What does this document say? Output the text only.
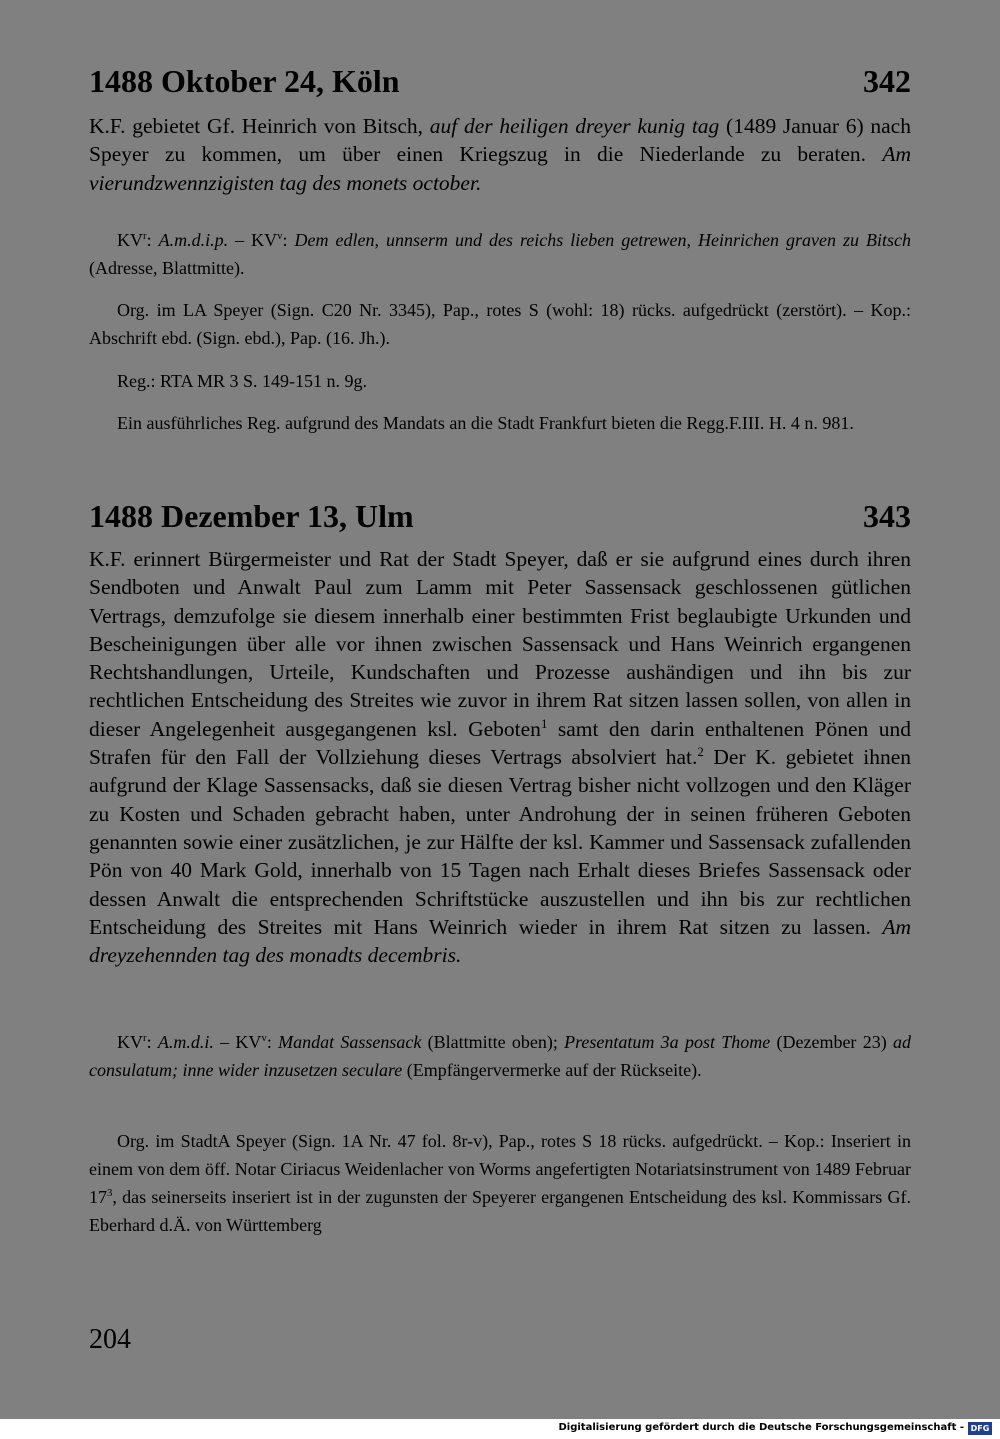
1488 Oktober 24, Köln	342

K.F. gebietet Gf. Heinrich von Bitsch, auf der heiligen dreyer kunig tag (1489 Januar 6) nach Speyer zu kommen, um über einen Kriegszug in die Niederlande zu beraten. Am vierundzwennzigisten tag des monets october.

$KV^r$: A.m.d.i.p. – $KV^v$: Dem edlen, unnserm und des reichs lieben getrewen, Heinrichen graven zu Bitsch (Adresse, Blattmitte).

Org. im LA Speyer (Sign. C20 Nr. 3345), Pap., rotes S (wohl: 18) rücks. aufgedrückt (zerstört). – Kop.: Abschrift ebd. (Sign. ebd.), Pap. (16. Jh.).

Reg.: RTA MR 3 S. 149-151 n. 9g.

Ein ausführliches Reg. aufgrund des Mandats an die Stadt Frankfurt bieten die Regg.F.III. H. 4 n. 981.

1488 Dezember 13, Ulm	343

K.F. erinnert Bürgermeister und Rat der Stadt Speyer, daß er sie aufgrund eines durch ihren Sendboten und Anwalt Paul zum Lamm mit Peter Sassensack geschlossenen gütlichen Vertrags, demzufolge sie diesem innerhalb einer bestimmten Frist beglaubigte Urkunden und Bescheinigungen über alle vor ihnen zwischen Sassensack und Hans Weinrich ergangenen Rechtshandlungen, Urteile, Kundschaften und Prozesse aushändigen und ihn bis zur rechtlichen Entscheidung des Streites wie zuvor in ihrem Rat sitzen lassen sollen, von allen in dieser Angelegenheit ausgegangenen ksl. Geboten$^1$ samt den darin enthaltenen Pönen und Strafen für den Fall der Vollziehung dieses Vertrags absolviert hat.$^2$ Der K. gebietet ihnen aufgrund der Klage Sassensacks, daß sie diesen Vertrag bisher nicht vollzogen und den Kläger zu Kosten und Schaden gebracht haben, unter Androhung der in seinen früheren Geboten genannten sowie einer zusätzlichen, je zur Hälfte der ksl. Kammer und Sassensack zufallenden Pön von 40 Mark Gold, innerhalb von 15 Tagen nach Erhalt dieses Briefes Sassensack oder dessen Anwalt die entsprechenden Schriftstücke auszustellen und ihn bis zur rechtlichen Entscheidung des Streites mit Hans Weinrich wieder in ihrem Rat sitzen zu lassen. Am dreyzehennden tag des monadts decembris.

$KV^r$: A.m.d.i. – $KV^v$: Mandat Sassensack (Blattmitte oben); Presentatum 3a post Thome (Dezember 23) ad consulatum; inne wider inzusetzen seculare (Empfängervermerke auf der Rückseite).

Org. im StadtA Speyer (Sign. 1A Nr. 47 fol. 8r-v), Pap., rotes S 18 rücks. aufgedrückt. – Kop.: Inseriert in einem von dem öff. Notar Ciriacus Weidenlacher von Worms angefertigten Notariatsinstrument von 1489 Februar $17^3$, das seinerseits inseriert ist in der zugunsten der Speyerer ergangenen Entscheidung des ksl. Kommissars Gf. Eberhard d.Ä. von Württemberg

204
Digitalisierung gefördert durch die Deutsche Forschungsgemeinschaft - DFG
